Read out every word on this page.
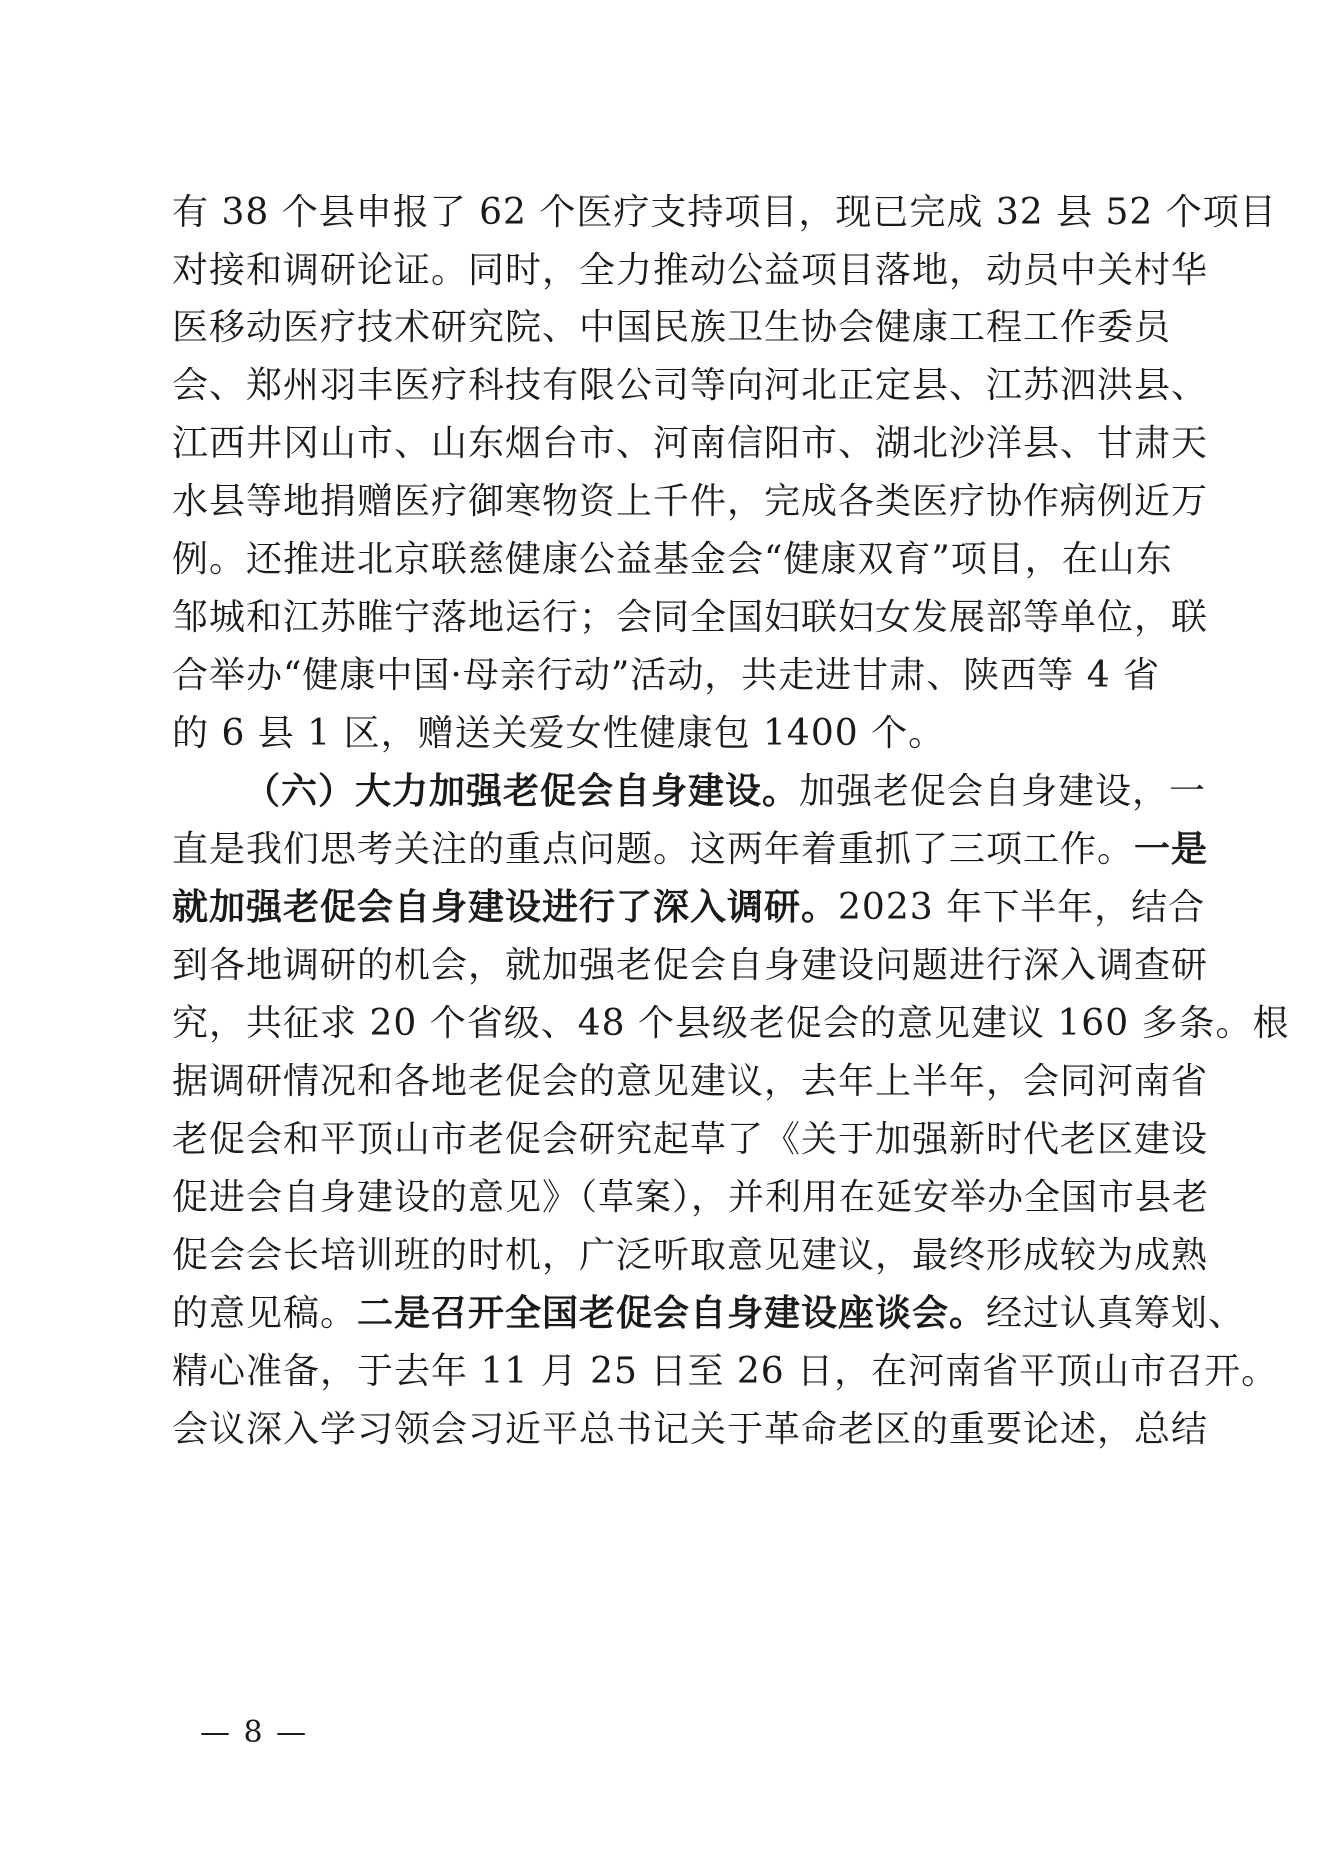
有 38 个县申报了 62 个医疗支持项目，现已完成 32 县 52 个项目
对接和调研论证。同时，全力推动公益项目落地，动员中关村华
医移动医疗技术研究院、中国民族卫生协会健康工程工作委员
会、郑州羽丰医疗科技有限公司等向河北正定县、江苏泗洪县、
江西井冈山市、山东烟台市、河南信阳市、湖北沙洋县、甘肃天
水县等地捐赠医疗御寒物资上千件，完成各类医疗协作病例近万
例。还推进北京联慈健康公益基金会“健康双育”项目，在山东
邹城和江苏睢宁落地运行；会同全国妇联妇女发展部等单位，联
合举办“健康中国·母亲行动”活动，共走进甘肃、陕西等 4 省
的 6 县 1 区，赠送关爱女性健康包 1400 个。
（六）大力加强老促会自身建设。加强老促会自身建设，一
直是我们思考关注的重点问题。这两年着重抓了三项工作。一是
就加强老促会自身建设进行了深入调研。2023 年下半年，结合
到各地调研的机会，就加强老促会自身建设问题进行深入调查研
究，共征求 20 个省级、48 个县级老促会的意见建议 160 多条。根
据调研情况和各地老促会的意见建议，去年上半年，会同河南省
老促会和平顶山市老促会研究起草了《关于加强新时代老区建设
促进会自身建设的意见》（草案），并利用在延安举办全国市县老
促会会长培训班的时机，广泛听取意见建议，最终形成较为成熟
的意见稿。二是召开全国老促会自身建设座谈会。经过认真筹划、
精心准备，于去年 11 月 25 日至 26 日，在河南省平顶山市召开。
会议深入学习领会习近平总书记关于革命老区的重要论述，总结
— 8 —
